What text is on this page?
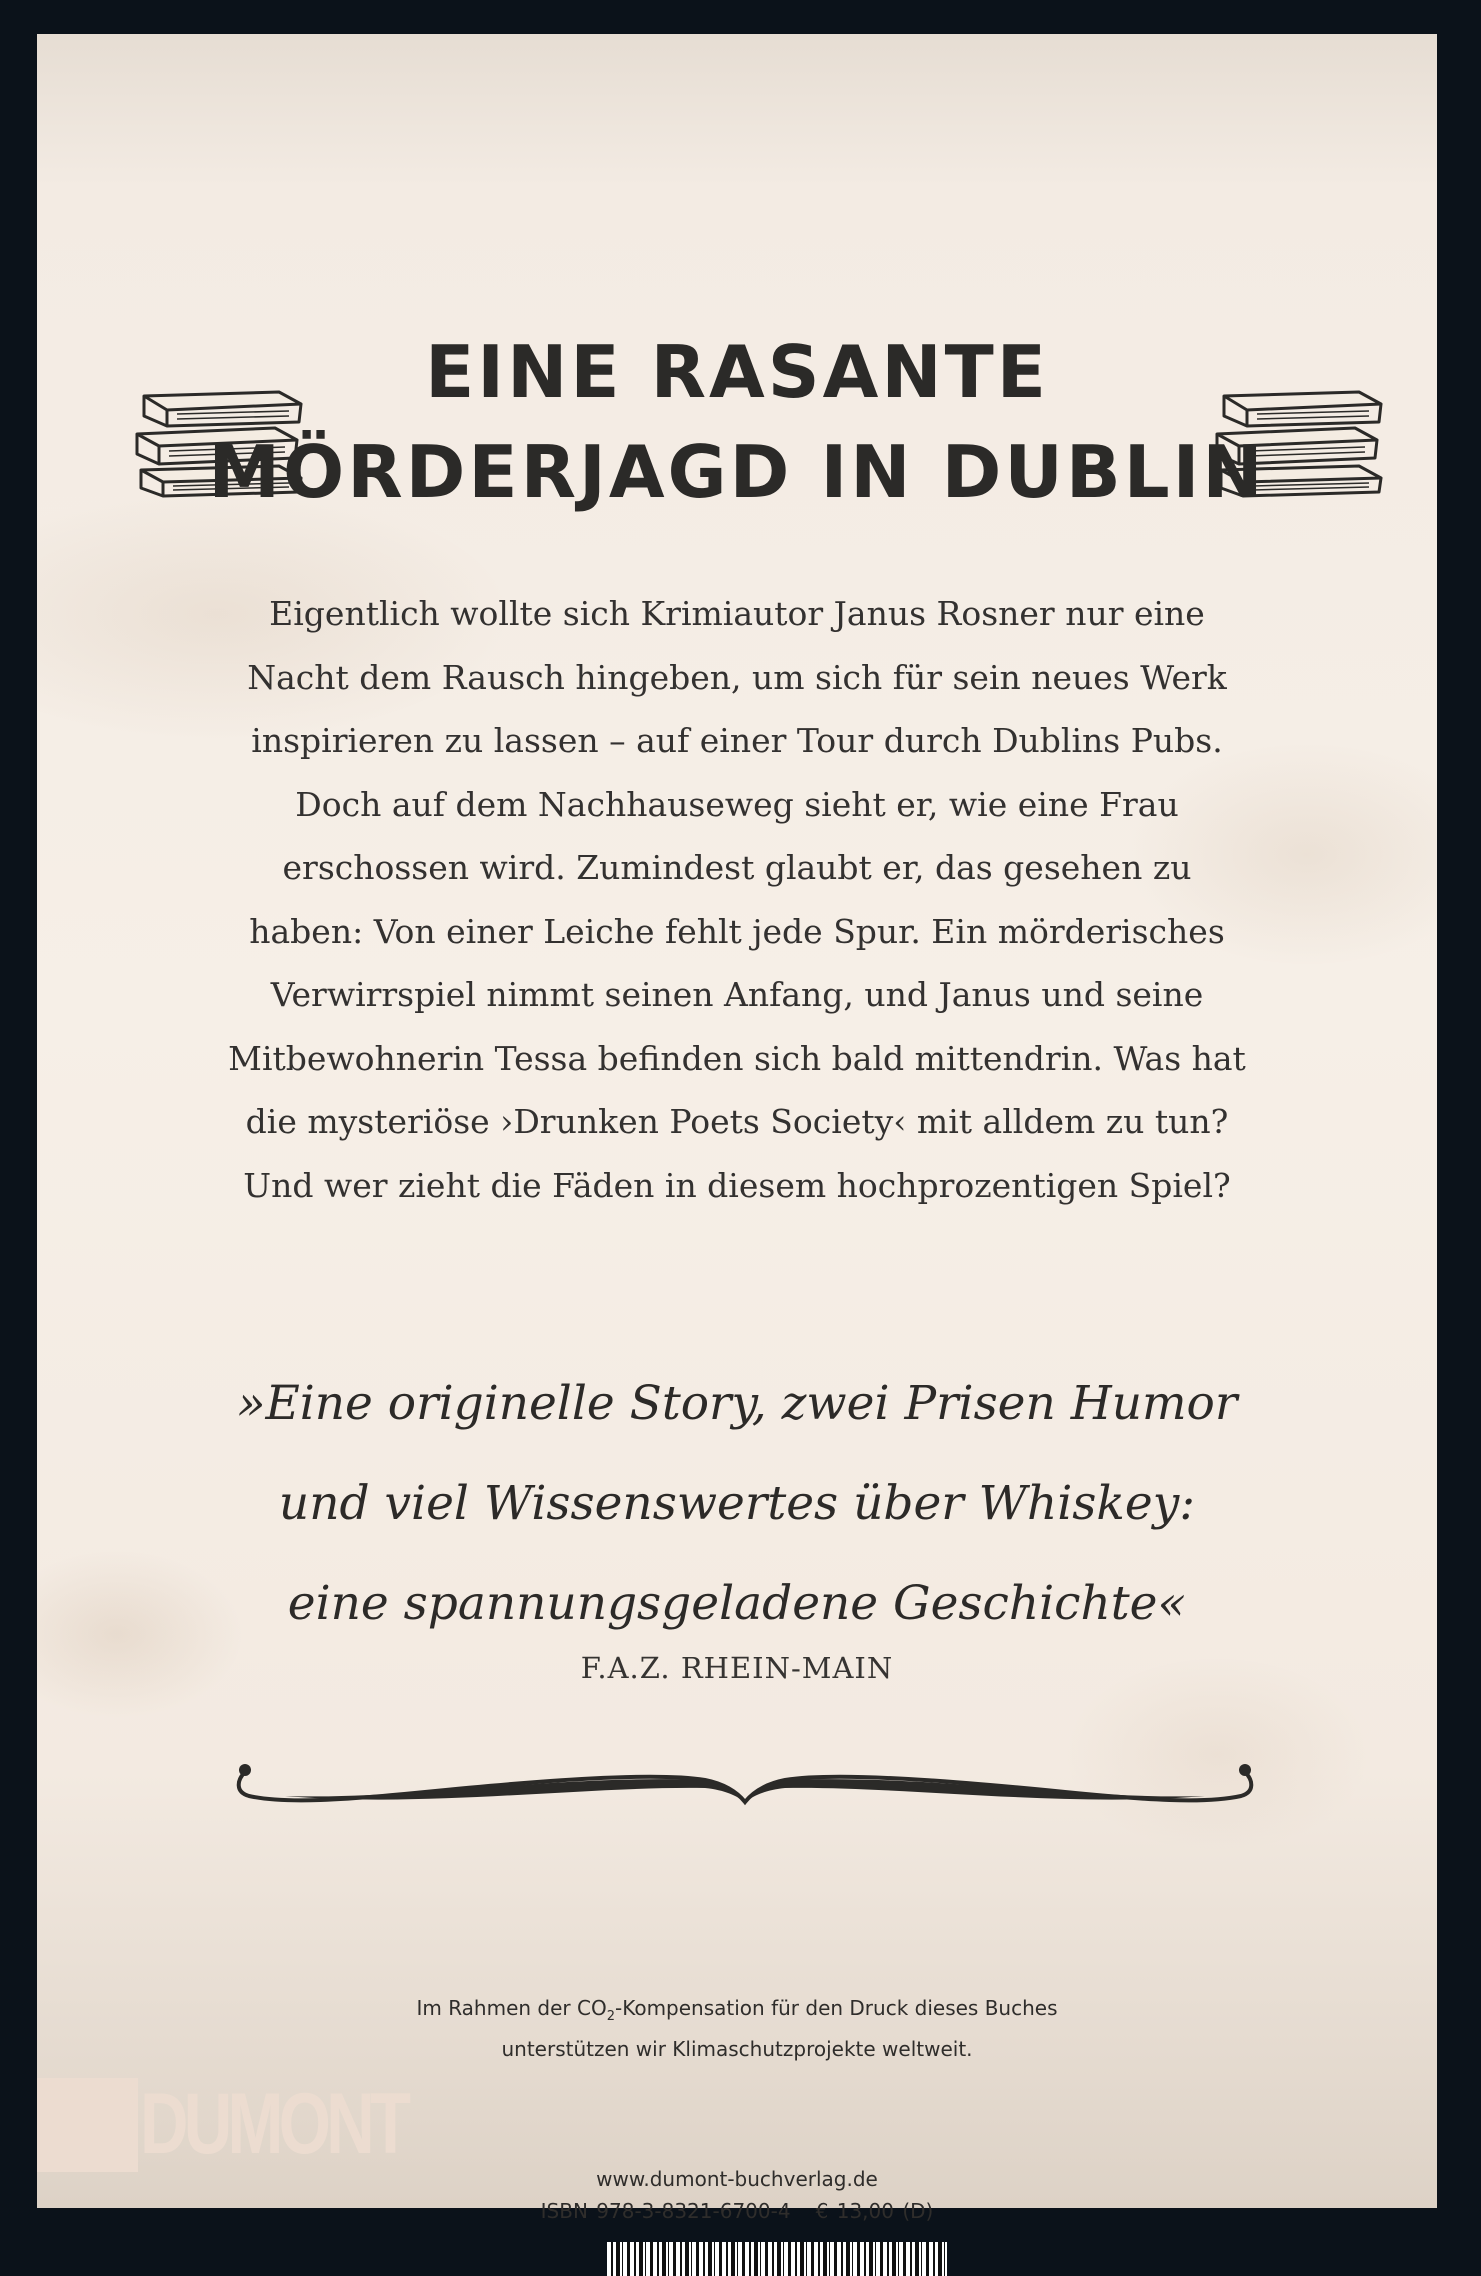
EINE RASANTE
MÖRDERJAGD IN DUBLIN
Eigentlich wollte sich Krimiautor Janus Rosner nur eine
Nacht dem Rausch hingeben, um sich für sein neues Werk
inspirieren zu lassen – auf einer Tour durch Dublins Pubs.
Doch auf dem Nachhauseweg sieht er, wie eine Frau
erschossen wird. Zumindest glaubt er, das gesehen zu
haben: Von einer Leiche fehlt jede Spur. Ein mörderisches
Verwirrspiel nimmt seinen Anfang, und Janus und seine
Mitbewohnerin Tessa befinden sich bald mittendrin. Was hat
die mysteriöse ›Drunken Poets Society‹ mit alldem zu tun?
Und wer zieht die Fäden in diesem hochprozentigen Spiel?
»Eine originelle Story, zwei Prisen Humor
und viel Wissenswertes über Whiskey:
eine spannungsgeladene Geschichte«
F.A.Z. RHEIN-MAIN
Im Rahmen der $CO_2$-Kompensation für den Druck dieses Buches
unterstützen wir Klimaschutzprojekte weltweit.
DUMONT
www.dumont-buchverlag.de
ISBN 978-3-8321-6700-4 € 13,00 (D)
